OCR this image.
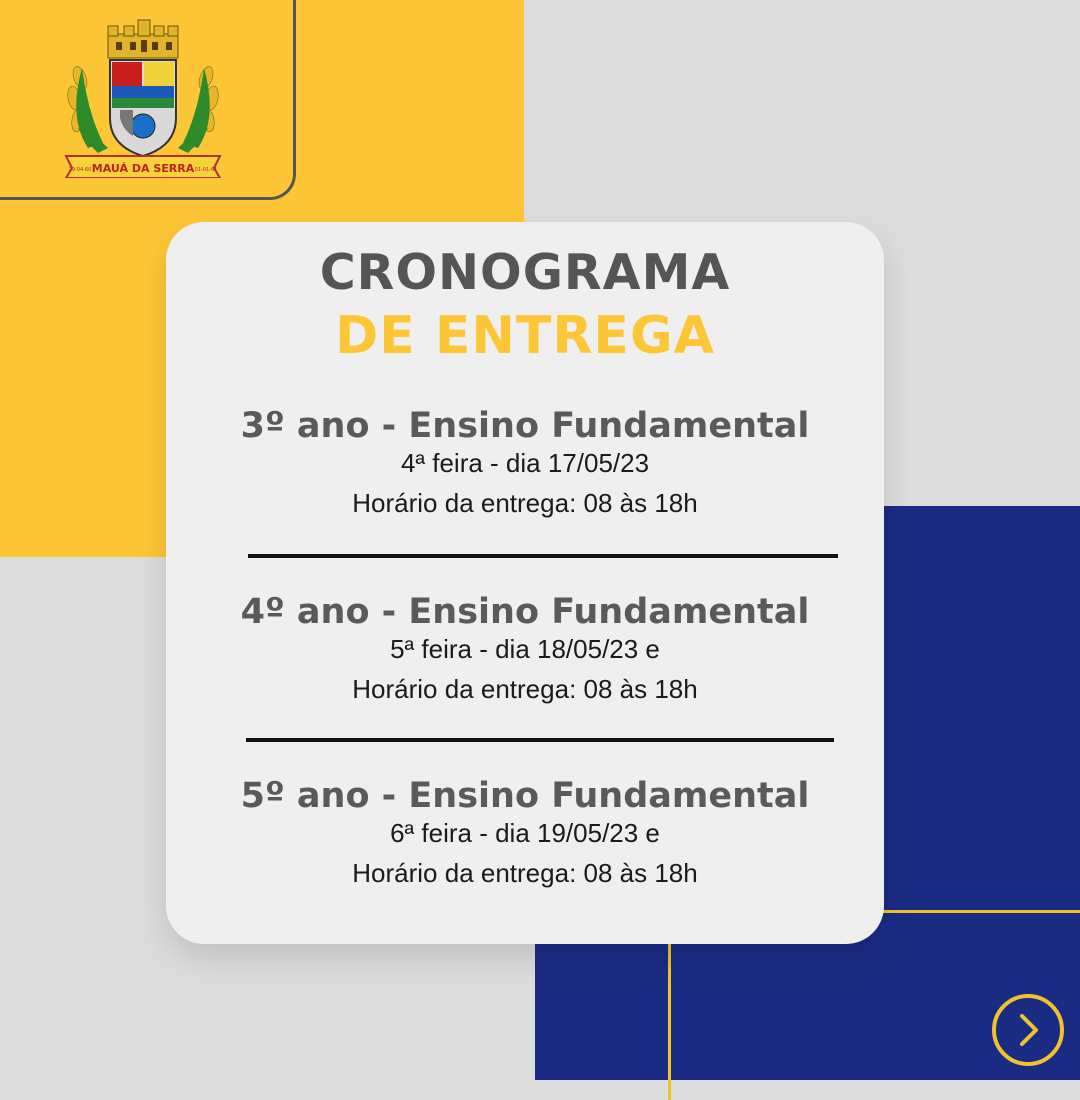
MAUÁ DA SERRA
29-04-60	01-01-61
CRONOGRAMA
DE ENTREGA
3º ano - Ensino Fundamental
4ª feira - dia 17/05/23
Horário da entrega: 08 às 18h
4º ano - Ensino Fundamental
5ª feira - dia 18/05/23 e
Horário da entrega: 08 às 18h
5º ano - Ensino Fundamental
6ª feira - dia 19/05/23 e
Horário da entrega: 08 às 18h
